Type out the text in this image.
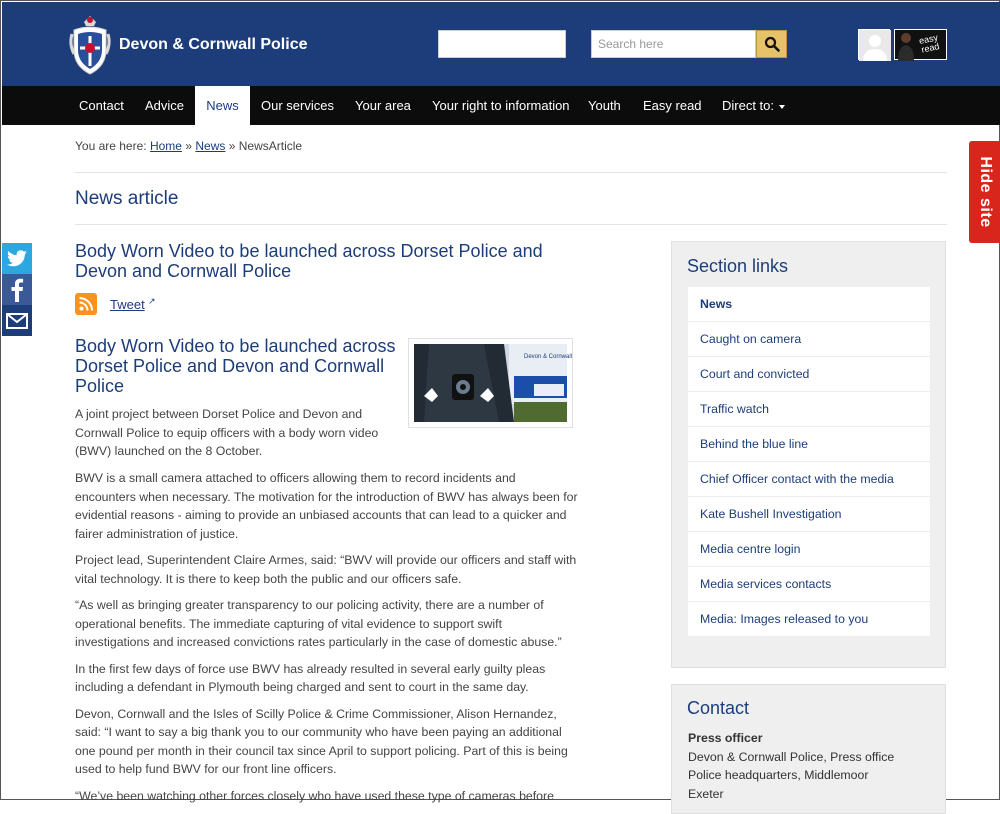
Devon & Cornwall Police
Search here	easy read
Contact Advice	News	Our services Your area Your right to information Youth Easy read Direct to:
Hide site
You are here: Home » News » NewsArticle
News article
Body Worn Video to be launched across Dorset Police and Devon and Cornwall Police
Tweet ↗
Body Worn Video to be launched across Dorset Police and Devon and Cornwall Police
Devon & Cornwall
A joint project between Dorset Police and Devon and Cornwall Police to equip officers with a body worn video (BWV) launched on the 8 October.

BWV is a small camera attached to officers allowing them to record incidents and encounters when necessary. The motivation for the introduction of BWV has always been for evidential reasons - aiming to provide an unbiased accounts that can lead to a quicker and fairer administration of justice.

Project lead, Superintendent Claire Armes, said: “BWV will provide our officers and staff with vital technology. It is there to keep both the public and our officers safe.

“As well as bringing greater transparency to our policing activity, there are a number of operational benefits. The immediate capturing of vital evidence to support swift investigations and increased convictions rates particularly in the case of domestic abuse.”

In the first few days of force use BWV has already resulted in several early guilty pleas including a defendant in Plymouth being charged and sent to court in the same day.

Devon, Cornwall and the Isles of Scilly Police & Crime Commissioner, Alison Hernandez, said: “I want to say a big thank you to our community who have been paying an additional one pound per month in their council tax since April to support policing. Part of this is being used to help fund BWV for our front line officers.

“We’ve been watching other forces closely who have used these type of cameras before

Section links
News
Caught on camera
Court and convicted
Traffic watch
Behind the blue line
Chief Officer contact with the media
Kate Bushell Investigation
Media centre login
Media services contacts
Media: Images released to you
Contact
Press officer
Devon & Cornwall Police, Press office
Police headquarters, Middlemoor
Exeter
